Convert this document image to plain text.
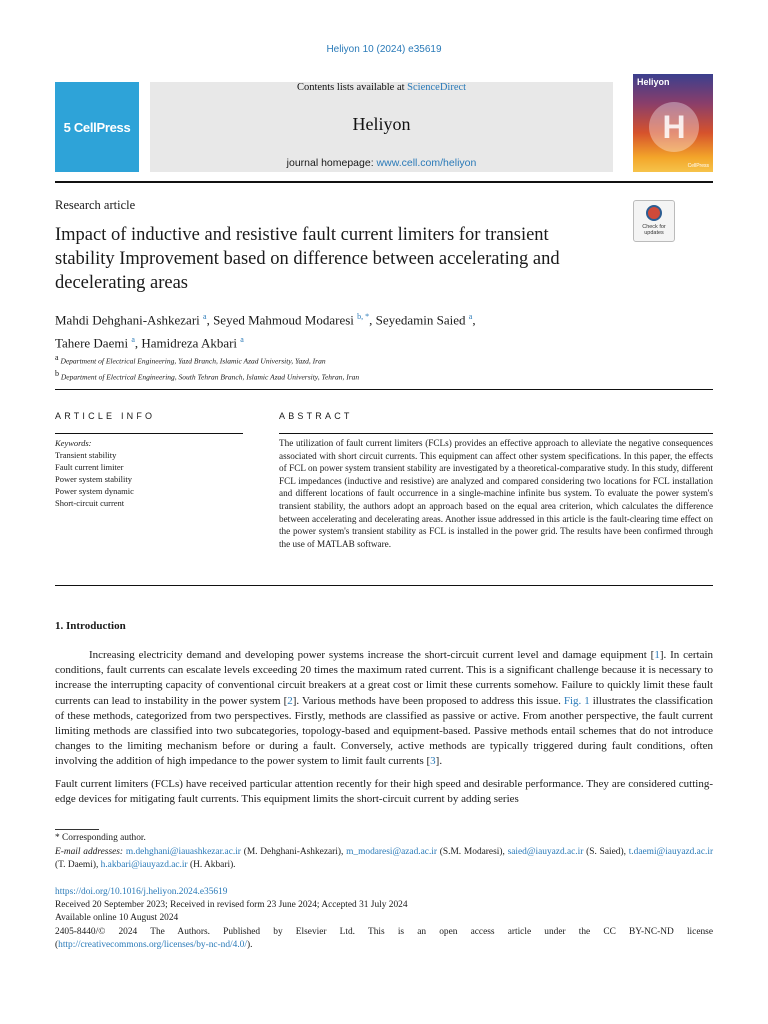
Heliyon 10 (2024) e35619
5 CellPress
Contents lists available at ScienceDirect
Heliyon
journal homepage: www.cell.com/heliyon
Heliyon
H
CellPress
Research article
Impact of inductive and resistive fault current limiters for transient stability Improvement based on difference between accelerating and decelerating areas
Check for updates
Mahdi Dehghani-Ashkezari $^a$, Seyed Mahmoud Modaresi $^{b, *}$, Seyedamin Saied $^a$,
Tahere Daemi $^a$, Hamidreza Akbari $^a$
$^a$ Department of Electrical Engineering, Yazd Branch, Islamic Azad University, Yazd, Iran
$^b$ Department of Electrical Engineering, South Tehran Branch, Islamic Azad University, Tehran, Iran
ARTICLE INFO	ABSTRACT
Keywords:
Transient stability
Fault current limiter
Power system stability
Power system dynamic
Short-circuit current
The utilization of fault current limiters (FCLs) provides an effective approach to alleviate the negative consequences associated with short circuit currents. This equipment can affect other system specifications. In this paper, the effects of FCL on power system transient stability are investigated by a theoretical-comparative study. In this study, different FCL impedances (inductive and resistive) are analyzed and compared considering two locations for FCL installation and different locations of fault occurrence in a single-machine infinite bus system. To evaluate the power system's transient stability, the authors adopt an approach based on the equal area criterion, which calculates the difference between accelerating and decelerating areas. Another issue addressed in this article is the fault-clearing time effect on the power system's transient stability as FCL is installed in the power grid. The results have been confirmed through the use of MATLAB software.
1. Introduction
Increasing electricity demand and developing power systems increase the short-circuit current level and damage equipment [1]. In certain conditions, fault currents can escalate levels exceeding 20 times the maximum rated current. This is a significant challenge because it is necessary to increase the interrupting capacity of conventional circuit breakers at a great cost or limit these currents somehow. Failure to quickly limit these fault currents can lead to instability in the power system [2]. Various methods have been proposed to address this issue. Fig. 1 illustrates the classification of these methods, categorized from two perspectives. Firstly, methods are classified as passive or active. From another perspective, the fault current limiting methods are classified into two subcategories, topology-based and equipment-based. Passive methods entail schemes that do not introduce changes to the limiting mechanism before or during a fault. Conversely, active methods are typically triggered during fault conditions, often involving the addition of high impedance to the power system to limit fault currents [3].
Fault current limiters (FCLs) have received particular attention recently for their high speed and desirable performance. They are considered cutting-edge devices for mitigating fault currents. This equipment limits the short-circuit current by adding series
* Corresponding author.
E-mail addresses: m.dehghani@iauashkezar.ac.ir (M. Dehghani-Ashkezari), m_modaresi@azad.ac.ir (S.M. Modaresi), saied@iauyazd.ac.ir (S. Saied), t.daemi@iauyazd.ac.ir (T. Daemi), h.akbari@iauyazd.ac.ir (H. Akbari).
https://doi.org/10.1016/j.heliyon.2024.e35619
Received 20 September 2023; Received in revised form 23 June 2024; Accepted 31 July 2024
Available online 10 August 2024
2405-8440/© 2024 The Authors. Published by Elsevier Ltd. This is an open access article under the CC BY-NC-ND license
(http://creativecommons.org/licenses/by-nc-nd/4.0/).
